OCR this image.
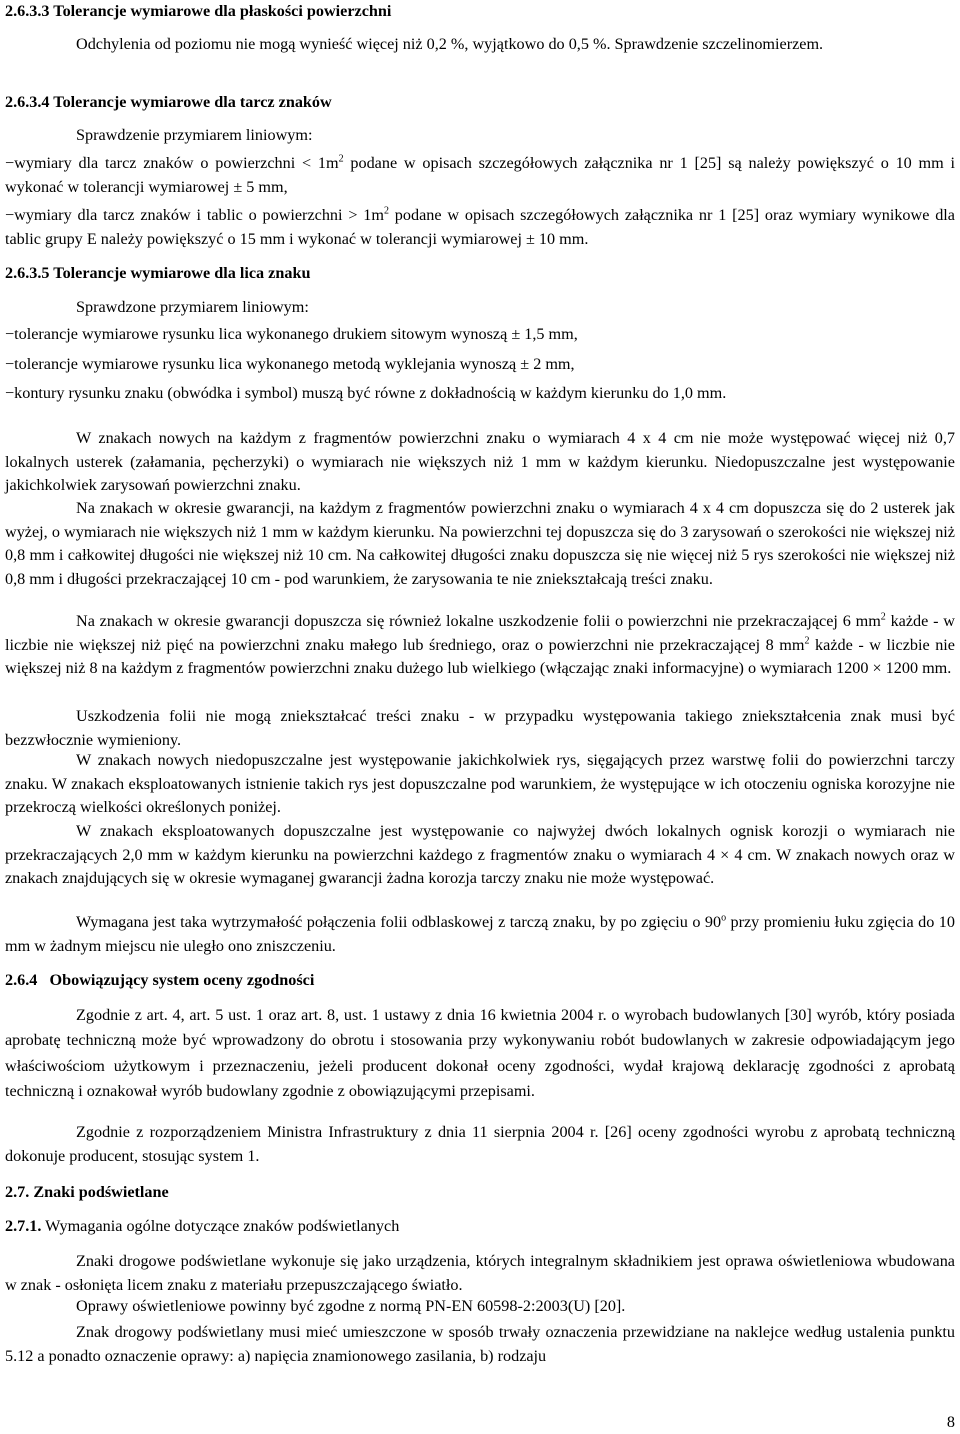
2.6.3.3 Tolerancje wymiarowe dla płaskości powierzchni
Odchylenia od poziomu nie mogą wynieść więcej niż 0,2 %, wyjątkowo do 0,5 %. Sprawdzenie szczelinomierzem.
2.6.3.4 Tolerancje wymiarowe dla tarcz znaków
Sprawdzenie przymiarem liniowym:
−wymiary dla tarcz znaków o powierzchni < $1m^2$ podane w opisach szczegółowych załącznika nr 1 [25] są należy powiększyć o 10 mm i wykonać w tolerancji wymiarowej ± 5 mm,
−wymiary dla tarcz znaków i tablic o powierzchni > $1m^2$ podane w opisach szczegółowych załącznika nr 1 [25] oraz wymiary wynikowe dla tablic grupy E należy powiększyć o 15 mm i wykonać w tolerancji wymiarowej ± 10 mm.
2.6.3.5 Tolerancje wymiarowe dla lica znaku
Sprawdzone przymiarem liniowym:
−tolerancje wymiarowe rysunku lica wykonanego drukiem sitowym wynoszą ± 1,5 mm,
−tolerancje wymiarowe rysunku lica wykonanego metodą wyklejania wynoszą ± 2 mm,
−kontury rysunku znaku (obwódka i symbol) muszą być równe z dokładnością w każdym kierunku do 1,0 mm.
W znakach nowych na każdym z fragmentów powierzchni znaku o wymiarach 4 x 4 cm nie może występować więcej niż 0,7 lokalnych usterek (załamania, pęcherzyki) o wymiarach nie większych niż 1 mm w każdym kierunku. Niedopuszczalne jest występowanie jakichkolwiek zarysowań powierzchni znaku.
Na znakach w okresie gwarancji, na każdym z fragmentów powierzchni znaku o wymiarach 4 x 4 cm dopuszcza się do 2 usterek jak wyżej, o wymiarach nie większych niż 1 mm w każdym kierunku. Na powierzchni tej dopuszcza się do 3 zarysowań o szerokości nie większej niż 0,8 mm i całkowitej długości nie większej niż 10 cm. Na całkowitej długości znaku dopuszcza się nie więcej niż 5 rys szerokości nie większej niż 0,8 mm i długości przekraczającej 10 cm - pod warunkiem, że zarysowania te nie zniekształcają treści znaku.
Na znakach w okresie gwarancji dopuszcza się również lokalne uszkodzenie folii o powierzchni nie przekraczającej 6 $mm^2$ każde - w liczbie nie większej niż pięć na powierzchni znaku małego lub średniego, oraz o powierzchni nie przekraczającej 8 $mm^2$ każde - w liczbie nie większej niż 8 na każdym z fragmentów powierzchni znaku dużego lub wielkiego (włączając znaki informacyjne) o wymiarach 1200 × 1200 mm.
Uszkodzenia folii nie mogą zniekształcać treści znaku - w przypadku występowania takiego zniekształcenia znak musi być bezzwłocznie wymieniony.
W znakach nowych niedopuszczalne jest występowanie jakichkolwiek rys, sięgających przez warstwę folii do powierzchni tarczy znaku. W znakach eksploatowanych istnienie takich rys jest dopuszczalne pod warunkiem, że występujące w ich otoczeniu ogniska korozyjne nie przekroczą wielkości określonych poniżej.
W znakach eksploatowanych dopuszczalne jest występowanie co najwyżej dwóch lokalnych ognisk korozji o wymiarach nie przekraczających 2,0 mm w każdym kierunku na powierzchni każdego z fragmentów znaku o wymiarach 4 × 4 cm. W znakach nowych oraz w znakach znajdujących się w okresie wymaganej gwarancji żadna korozja tarczy znaku nie może występować.
Wymagana jest taka wytrzymałość połączenia folii odblaskowej z tarczą znaku, by po zgięciu o 90$^o$ przy promieniu łuku zgięcia do 10 mm w żadnym miejscu nie uległo ono zniszczeniu.
2.6.4   Obowiązujący system oceny zgodności
Zgodnie z art. 4, art. 5 ust. 1 oraz art. 8, ust. 1 ustawy z dnia 16 kwietnia 2004 r. o wyrobach budowlanych [30] wyrób, który posiada aprobatę techniczną może być wprowadzony do obrotu i stosowania przy wykonywaniu robót budowlanych w zakresie odpowiadającym jego właściwościom użytkowym i przeznaczeniu, jeżeli producent dokonał oceny zgodności, wydał krajową deklarację zgodności z aprobatą techniczną i oznakował wyrób budowlany zgodnie z obowiązującymi przepisami.
Zgodnie z rozporządzeniem Ministra Infrastruktury z dnia 11 sierpnia 2004 r. [26] oceny zgodności wyrobu z aprobatą techniczną dokonuje producent, stosując system 1.
2.7. Znaki podświetlane
2.7.1. Wymagania ogólne dotyczące znaków podświetlanych
Znaki drogowe podświetlane wykonuje się jako urządzenia, których integralnym składnikiem jest oprawa oświetleniowa wbudowana w znak - osłonięta licem znaku z materiału przepuszczającego światło.
Oprawy oświetleniowe powinny być zgodne z normą PN-EN 60598-2:2003(U) [20].
Znak drogowy podświetlany musi mieć umieszczone w sposób trwały oznaczenia przewidziane na naklejce według ustalenia punktu 5.12 a ponadto oznaczenie oprawy: a) napięcia znamionowego zasilania, b) rodzaju
8
